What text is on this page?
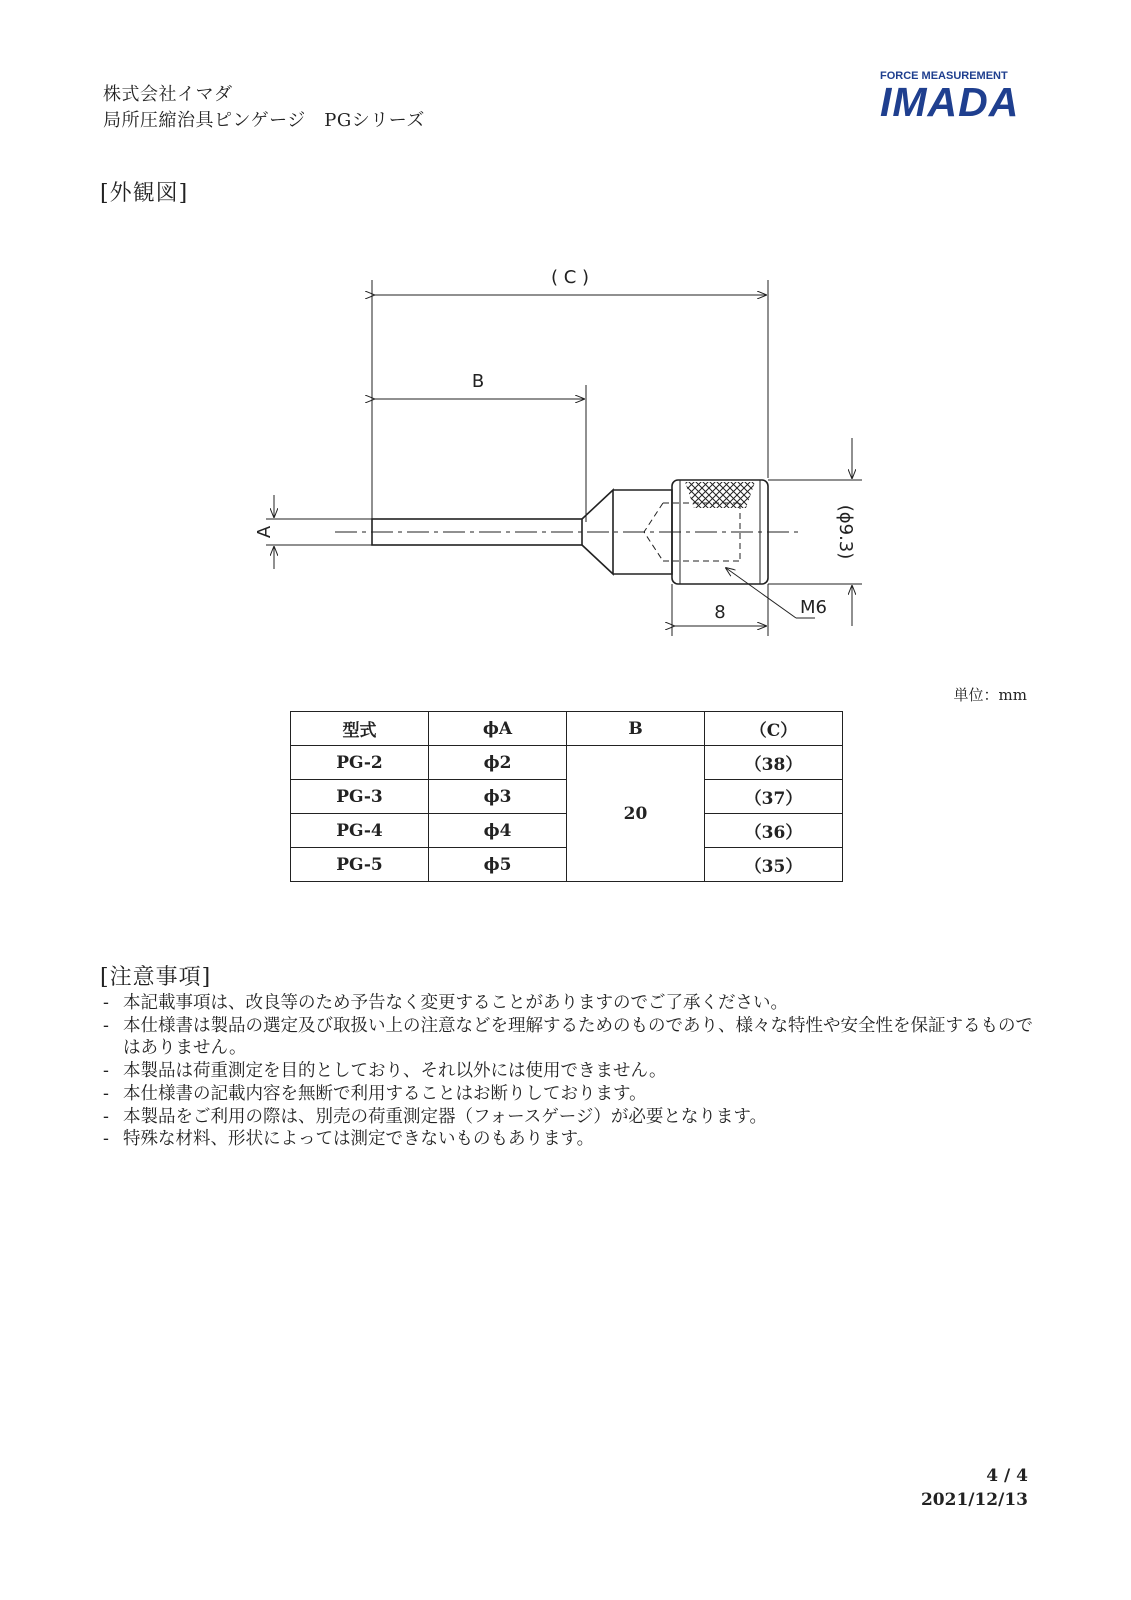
株式会社イマダ
局所圧縮治具ピンゲージ　PGシリーズ
FORCE MEASUREMENT
IMADA
[外観図]
( C )
B
A	(ϕ9.3)
8	M6
単位：mm
型式	ϕA	B	（C）
PG-2	ϕ2	20	（38）
PG-3	ϕ3		（37）
PG-4	ϕ4		（36）
PG-5	ϕ5		（35）
[注意事項]
- 本記載事項は、改良等のため予告なく変更することがありますのでご了承ください。
- 本仕様書は製品の選定及び取扱い上の注意などを理解するためのものであり、様々な特性や安全性を保証するものではありません。
- 本製品は荷重測定を目的としており、それ以外には使用できません。
- 本仕様書の記載内容を無断で利用することはお断りしております。
- 本製品をご利用の際は、別売の荷重測定器（フォースゲージ）が必要となります。
- 特殊な材料、形状によっては測定できないものもあります。
4 / 4
2021/12/13
